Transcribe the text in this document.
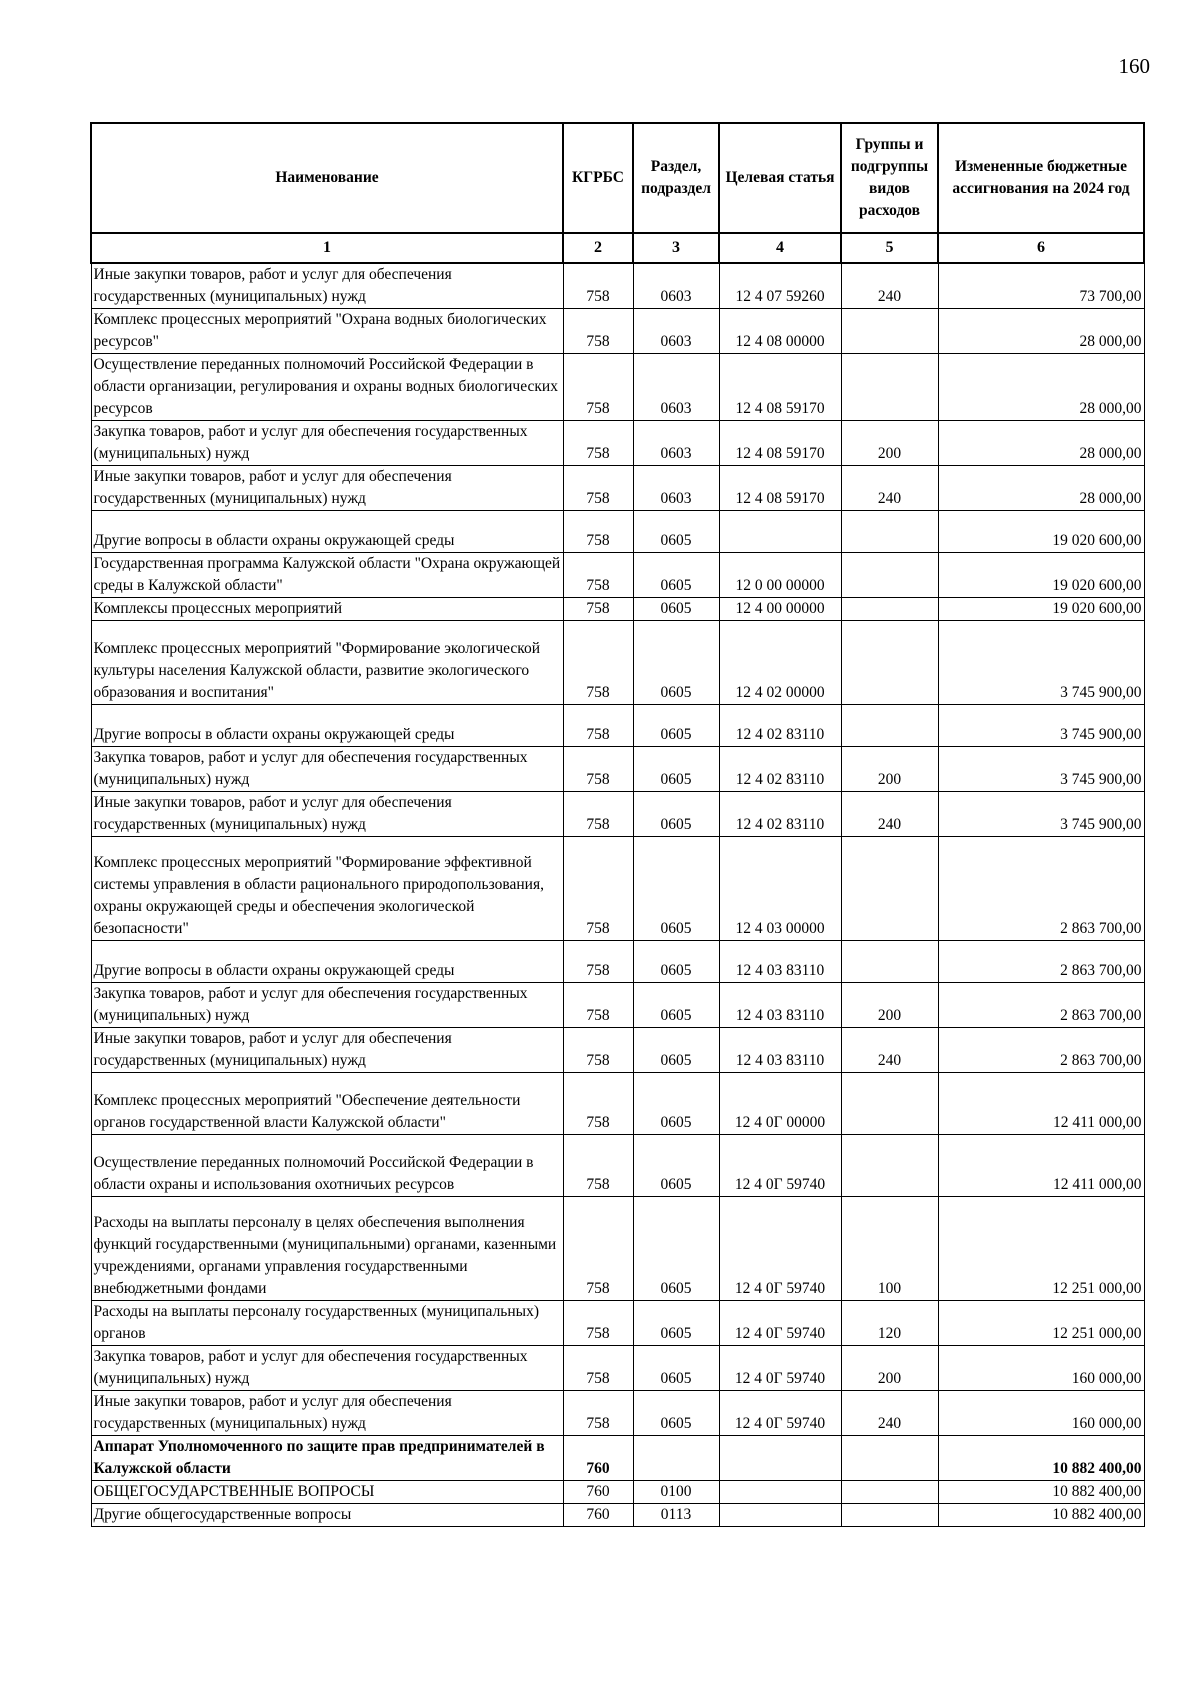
160
Наименование	КГРБС	Раздел, подраздел	Целевая статья	Группы и подгруппы видов расходов	Измененные бюджетные ассигнования на 2024 год
1	2	3	4	5	6
Иные закупки товаров, работ и услуг для обеспечения государственных (муниципальных) нужд	758	0603	12 4 07 59260	240	73 700,00
Комплекс процессных мероприятий "Охрана водных биологических ресурсов"	758	0603	12 4 08 00000		28 000,00
Осуществление переданных полномочий Российской Федерации в области организации, регулирования и охраны водных биологических ресурсов	758	0603	12 4 08 59170		28 000,00
Закупка товаров, работ и услуг для обеспечения государственных (муниципальных) нужд	758	0603	12 4 08 59170	200	28 000,00
Иные закупки товаров, работ и услуг для обеспечения государственных (муниципальных) нужд	758	0603	12 4 08 59170	240	28 000,00
Другие вопросы в области охраны окружающей среды	758	0605			19 020 600,00
Государственная программа Калужской области "Охрана окружающей среды в Калужской области"	758	0605	12 0 00 00000		19 020 600,00
Комплексы процессных мероприятий	758	0605	12 4 00 00000		19 020 600,00
Комплекс процессных мероприятий "Формирование экологической культуры населения Калужской области, развитие экологического образования и воспитания"	758	0605	12 4 02 00000		3 745 900,00
Другие вопросы в области охраны окружающей среды	758	0605	12 4 02 83110		3 745 900,00
Закупка товаров, работ и услуг для обеспечения государственных (муниципальных) нужд	758	0605	12 4 02 83110	200	3 745 900,00
Иные закупки товаров, работ и услуг для обеспечения государственных (муниципальных) нужд	758	0605	12 4 02 83110	240	3 745 900,00
Комплекс процессных мероприятий "Формирование эффективной системы управления в области рационального природопользования, охраны окружающей среды и обеспечения экологической безопасности"	758	0605	12 4 03 00000		2 863 700,00
Другие вопросы в области охраны окружающей среды	758	0605	12 4 03 83110		2 863 700,00
Закупка товаров, работ и услуг для обеспечения государственных (муниципальных) нужд	758	0605	12 4 03 83110	200	2 863 700,00
Иные закупки товаров, работ и услуг для обеспечения государственных (муниципальных) нужд	758	0605	12 4 03 83110	240	2 863 700,00
Комплекс процессных мероприятий "Обеспечение деятельности органов государственной власти Калужской области"	758	0605	12 4 0Г 00000		12 411 000,00
Осуществление переданных полномочий Российской Федерации в области охраны и использования охотничьих ресурсов	758	0605	12 4 0Г 59740		12 411 000,00
Расходы на выплаты персоналу в целях обеспечения выполнения функций государственными (муниципальными) органами, казенными учреждениями, органами управления государственными внебюджетными фондами	758	0605	12 4 0Г 59740	100	12 251 000,00
Расходы на выплаты персоналу государственных (муниципальных) органов	758	0605	12 4 0Г 59740	120	12 251 000,00
Закупка товаров, работ и услуг для обеспечения государственных (муниципальных) нужд	758	0605	12 4 0Г 59740	200	160 000,00
Иные закупки товаров, работ и услуг для обеспечения государственных (муниципальных) нужд	758	0605	12 4 0Г 59740	240	160 000,00
Аппарат Уполномоченного по защите прав предпринимателей в Калужской области	760				10 882 400,00
ОБЩЕГОСУДАРСТВЕННЫЕ ВОПРОСЫ	760	0100			10 882 400,00
Другие общегосударственные вопросы	760	0113			10 882 400,00
